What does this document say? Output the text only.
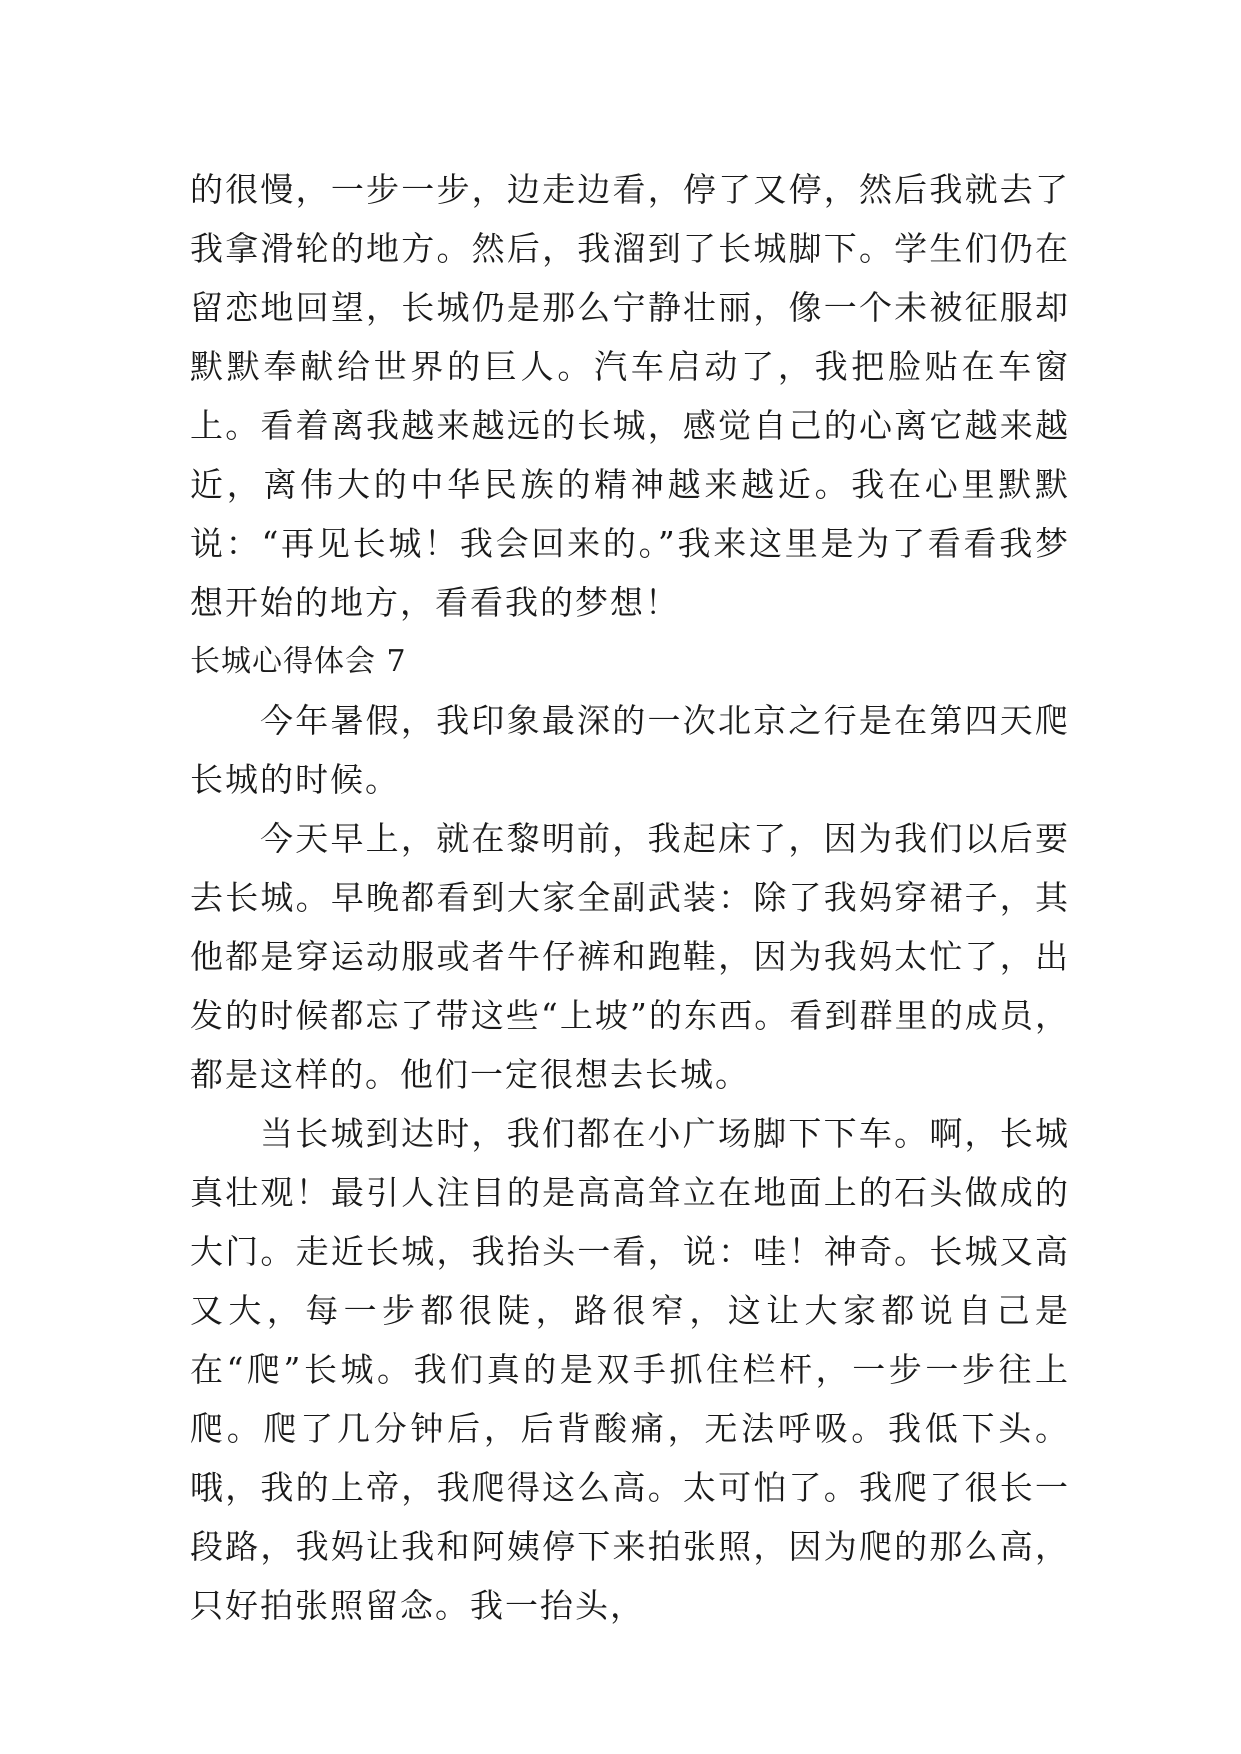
的很慢，一步一步，边走边看，停了又停，然后我就去了我拿滑轮的地方。然后，我溜到了长城脚下。学生们仍在留恋地回望，长城仍是那么宁静壮丽，像一个未被征服却默默奉献给世界的巨人。汽车启动了，我把脸贴在车窗上。看着离我越来越远的长城，感觉自己的心离它越来越近，离伟大的中华民族的精神越来越近。我在心里默默说：“再见长城！我会回来的。”我来这里是为了看看我梦想开始的地方，看看我的梦想！

长城心得体会 7

今年暑假，我印象最深的一次北京之行是在第四天爬长城的时候。

今天早上，就在黎明前，我起床了，因为我们以后要去长城。早晚都看到大家全副武装：除了我妈穿裙子，其他都是穿运动服或者牛仔裤和跑鞋，因为我妈太忙了，出发的时候都忘了带这些“上坡”的东西。看到群里的成员，都是这样的。他们一定很想去长城。

当长城到达时，我们都在小广场脚下下车。啊，长城真壮观！最引人注目的是高高耸立在地面上的石头做成的大门。走近长城，我抬头一看，说：哇！神奇。长城又高又大，每一步都很陡，路很窄，这让大家都说自己是在“爬”长城。我们真的是双手抓住栏杆，一步一步往上爬。爬了几分钟后，后背酸痛，无法呼吸。我低下头。哦，我的上帝，我爬得这么高。太可怕了。我爬了很长一段路，我妈让我和阿姨停下来拍张照，因为爬的那么高，只好拍张照留念。我一抬头，
